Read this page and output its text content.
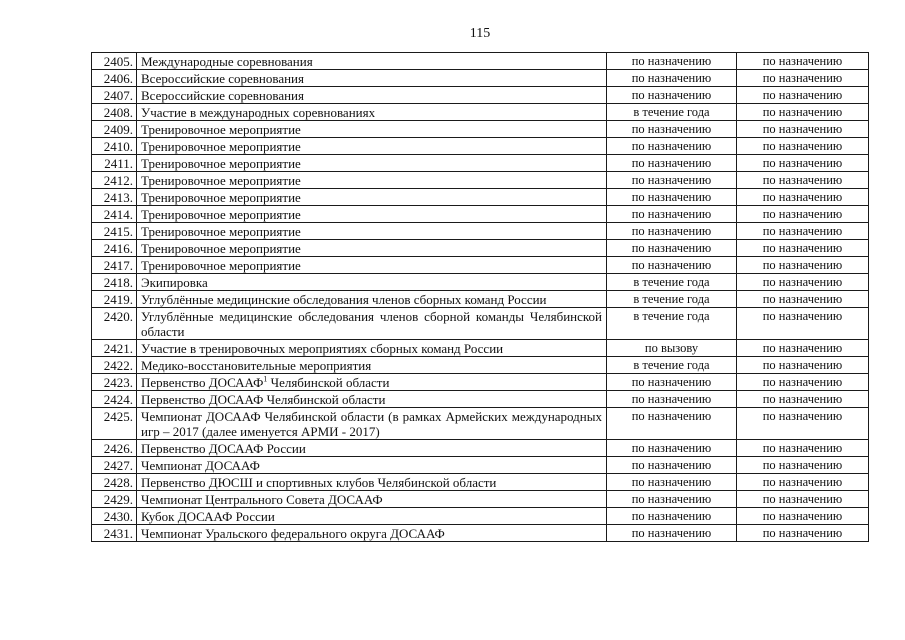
115
2405.	Международные соревнования	по назначению	по назначению
2406.	Всероссийские соревнования	по назначению	по назначению
2407.	Всероссийские соревнования	по назначению	по назначению
2408.	Участие в международных соревнованиях	в течение года	по назначению
2409.	Тренировочное мероприятие	по назначению	по назначению
2410.	Тренировочное мероприятие	по назначению	по назначению
2411.	Тренировочное мероприятие	по назначению	по назначению
2412.	Тренировочное мероприятие	по назначению	по назначению
2413.	Тренировочное мероприятие	по назначению	по назначению
2414.	Тренировочное мероприятие	по назначению	по назначению
2415.	Тренировочное мероприятие	по назначению	по назначению
2416.	Тренировочное мероприятие	по назначению	по назначению
2417.	Тренировочное мероприятие	по назначению	по назначению
2418.	Экипировка	в течение года	по назначению
2419.	Углублённые медицинские обследования членов сборных команд России	в течение года	по назначению
2420.	Углублённые медицинские обследования членов сборной команды Челябинской области	в течение года	по назначению
2421.	Участие в тренировочных мероприятиях сборных команд России	по вызову	по назначению
2422.	Медико-восстановительные мероприятия	в течение года	по назначению
2423.	Первенство ДОСААФ$^1$ Челябинской области	по назначению	по назначению
2424.	Первенство ДОСААФ Челябинской области	по назначению	по назначению
2425.	Чемпионат ДОСААФ Челябинской области (в рамках Армейских международных игр – 2017 (далее именуется АРМИ - 2017)	по назначению	по назначению
2426.	Первенство ДОСААФ России	по назначению	по назначению
2427.	Чемпионат ДОСААФ	по назначению	по назначению
2428.	Первенство ДЮСШ и спортивных клубов Челябинской области	по назначению	по назначению
2429.	Чемпионат Центрального Совета ДОСААФ	по назначению	по назначению
2430.	Кубок ДОСААФ России	по назначению	по назначению
2431.	Чемпионат Уральского федерального округа ДОСААФ	по назначению	по назначению
